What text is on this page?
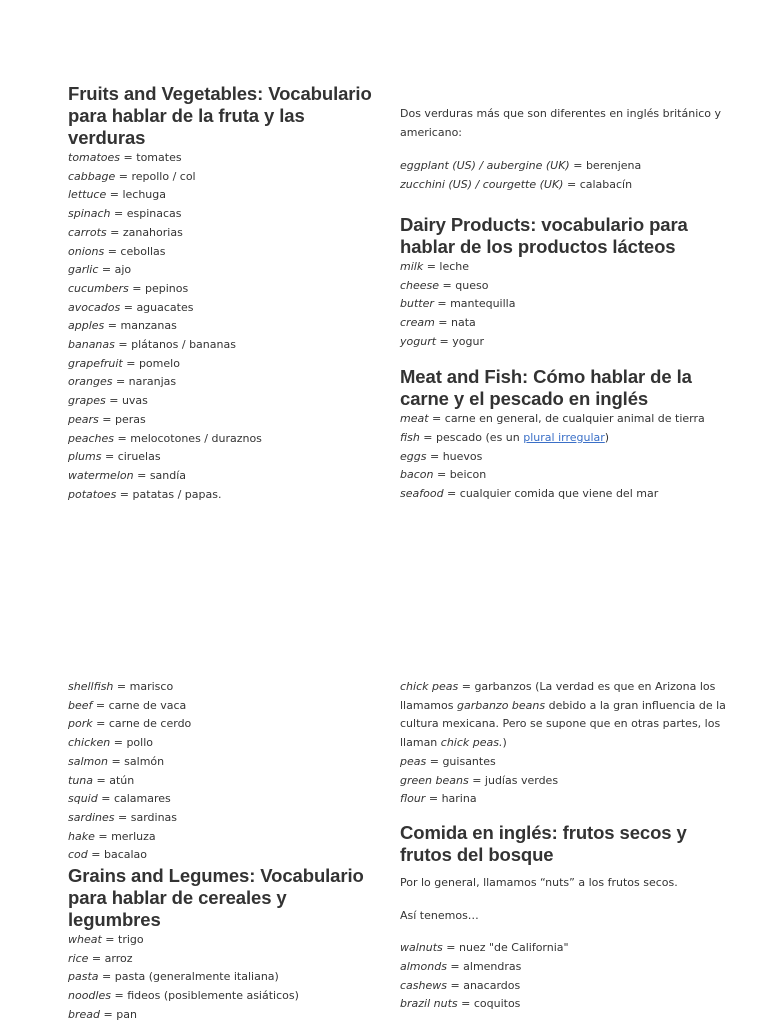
Fruits and Vegetables: Vocabulario para hablar de la fruta y las verduras
tomatoes = tomates
cabbage = repollo / col
lettuce = lechuga
spinach = espinacas
carrots = zanahorias
onions = cebollas
garlic = ajo
cucumbers = pepinos
avocados = aguacates
apples = manzanas
bananas = plátanos / bananas
grapefruit = pomelo
oranges = naranjas
grapes = uvas
pears = peras
peaches = melocotones / duraznos
plums = ciruelas
watermelon = sandía
potatoes = patatas / papas.

Dos verduras más que son diferentes en inglés británico y americano:

eggplant (US) / aubergine (UK) = berenjena
zucchini (US) / courgette (UK) = calabacín
Dairy Products: vocabulario para hablar de los productos lácteos
milk = leche
cheese = queso
butter = mantequilla
cream = nata
yogurt = yogur
Meat and Fish: Cómo hablar de la carne y el pescado en inglés
meat = carne en general, de cualquier animal de tierra
fish = pescado (es un plural irregular)
eggs = huevos
bacon = beicon
seafood = cualquier comida que viene del mar
shellfish = marisco
beef = carne de vaca
pork = carne de cerdo
chicken = pollo
salmon = salmón
tuna = atún
squid = calamares
sardines = sardinas
hake = merluza
cod = bacalao
Grains and Legumes: Vocabulario para hablar de cereales y legumbres
wheat = trigo
rice = arroz
pasta = pasta (generalmente italiana)
noodles = fideos (posiblemente asiáticos)
bread = pan

chick peas = garbanzos (La verdad es que en Arizona los llamamos garbanzo beans debido a la gran influencia de la cultura mexicana. Pero se supone que en otras partes, los llaman chick peas.)

peas = guisantes
green beans = judías verdes
flour = harina
Comida en inglés: frutos secos y frutos del bosque

Por lo general, llamamos “nuts” a los frutos secos.

Así tenemos…

walnuts = nuez "de California"
almonds = almendras
cashews = anacardos
brazil nuts = coquitos
